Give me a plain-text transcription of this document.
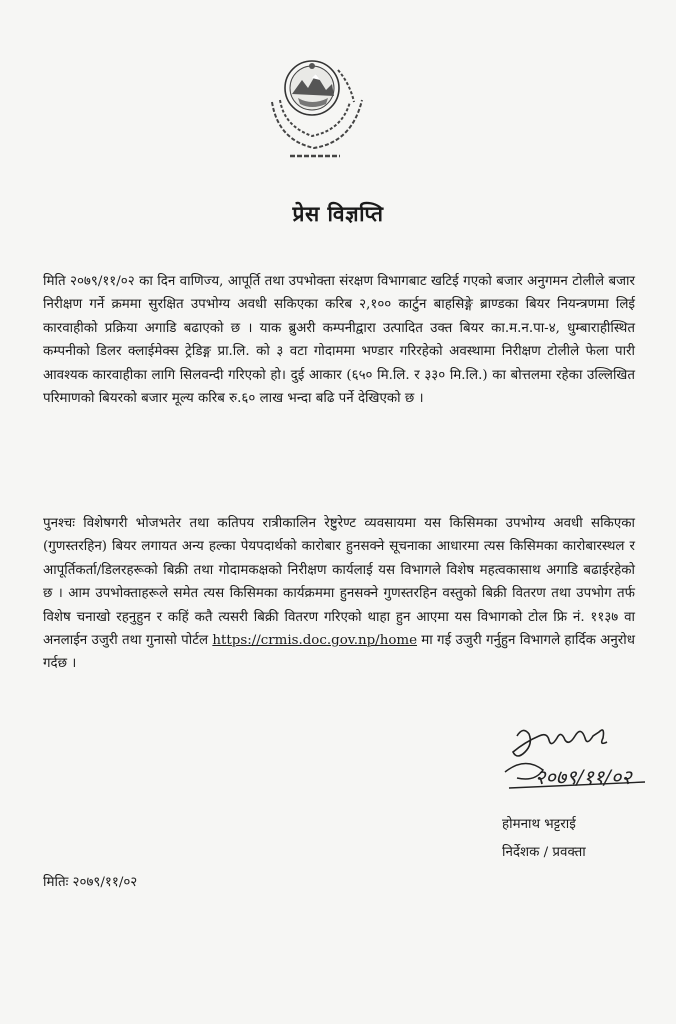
प्रेस विज्ञप्ति

मिति २०७९/११/०२ का दिन वाणिज्य, आपूर्ति तथा उपभोक्ता संरक्षण विभागबाट खटिई गएको बजार अनुगमन टोलीले बजार निरीक्षण गर्ने क्रममा सुरक्षित उपभोग्य अवधी सकिएका करिब २,१०० कार्टुन बाहसिङ्गे ब्राण्डका बियर नियन्त्रणमा लिई कारवाहीको प्रक्रिया अगाडि बढाएको छ । याक ब्रुअरी कम्पनीद्वारा उत्पादित उक्त बियर का.म.न.पा-४, धुम्बाराहीस्थित कम्पनीको डिलर क्लाईमेक्स ट्रेडिङ्ग प्रा.लि. को ३ वटा गोदाममा भण्डार गरिरहेको अवस्थामा निरीक्षण टोलीले फेला पारी आवश्यक कारवाहीका लागि सिलवन्दी गरिएको हो। दुई आकार (६५० मि.लि. र ३३० मि.लि.) का बोत्तलमा रहेका उल्लिखित परिमाणको बियरको बजार मूल्य करिब रु.६० लाख भन्दा बढि पर्ने देखिएको छ ।

पुनश्चः विशेषगरी भोजभतेर तथा कतिपय रात्रीकालिन रेष्टुरेण्ट व्यवसायमा यस किसिमका उपभोग्य अवधी सकिएका (गुणस्तरहिन) बियर लगायत अन्य हल्का पेयपदार्थको कारोबार हुनसक्ने सूचनाका आधारमा त्यस किसिमका कारोबारस्थल र आपूर्तिकर्ता/डिलरहरूको बिक्री तथा गोदामकक्षको निरीक्षण कार्यलाई यस विभागले विशेष महत्वकासाथ अगाडि बढाईरहेको छ । आम उपभोक्ताहरूले समेत त्यस किसिमका कार्यक्रममा हुनसक्ने गुणस्तरहिन वस्तुको बिक्री वितरण तथा उपभोग तर्फ विशेष चनाखो रहनुहुन र कहिं कतै त्यसरी बिक्री वितरण गरिएको थाहा हुन आएमा यस विभागको टोल फ्रि नं. ११३७ वा अनलाईन उजुरी तथा गुनासो पोर्टल https://crmis.doc.gov.np/home मा गई उजुरी गर्नुहुन विभागले हार्दिक अनुरोध गर्दछ ।

२०७९/११/०२
होमनाथ भट्टराई
निर्देशक / प्रवक्ता
मितिः २०७९/११/०२
